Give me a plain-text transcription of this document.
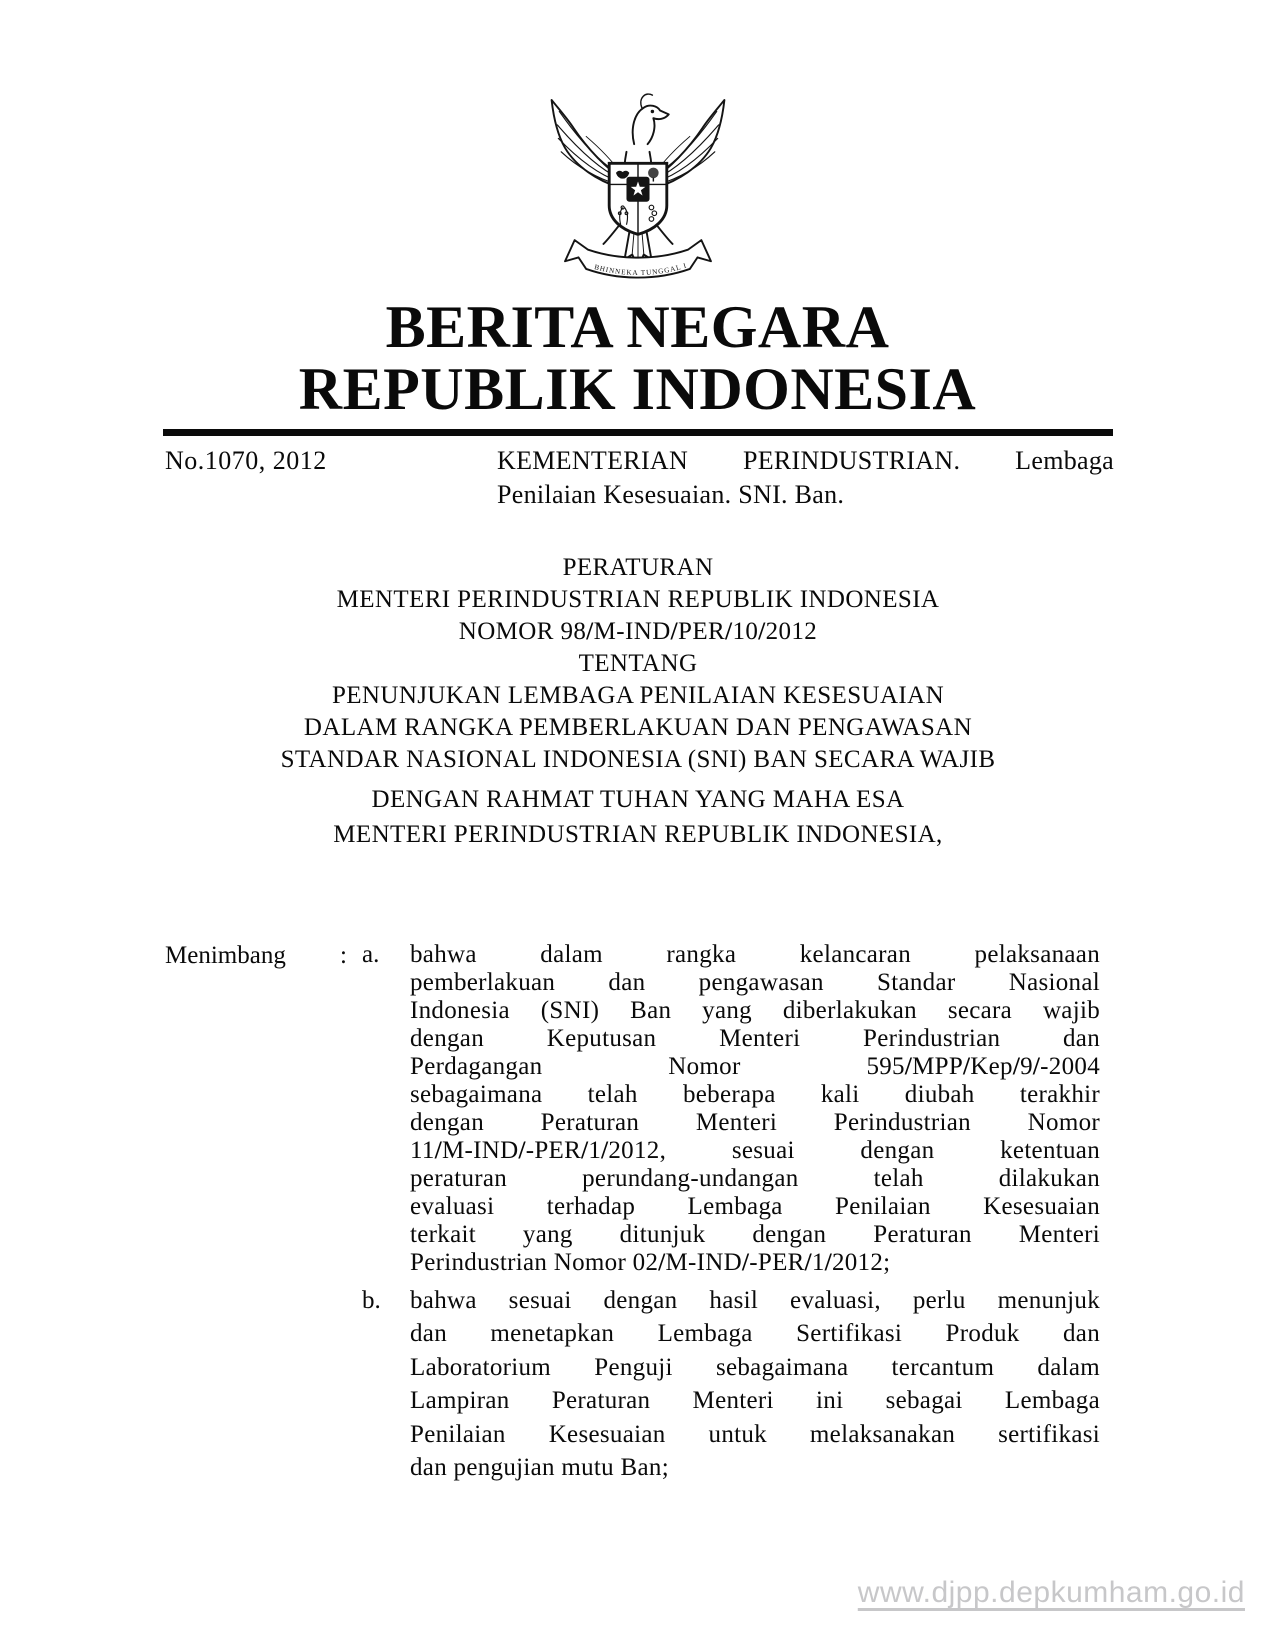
BHINNEKA TUNGGAL I
BERITA NEGARA
REPUBLIK INDONESIA
No.1070, 2012	KEMENTERIAN PERINDUSTRIAN. Lembaga
Penilaian Kesesuaian. SNI. Ban.
PERATURAN
MENTERI PERINDUSTRIAN REPUBLIK INDONESIA
NOMOR 98/M-IND/PER/10/2012
TENTANG
PENUNJUKAN LEMBAGA PENILAIAN KESESUAIAN
DALAM RANGKA PEMBERLAKUAN DAN PENGAWASAN
STANDAR NASIONAL INDONESIA (SNI) BAN SECARA WAJIB
DENGAN RAHMAT TUHAN YANG MAHA ESA
MENTERI PERINDUSTRIAN REPUBLIK INDONESIA,
Menimbang : a.	bahwa dalam rangka kelancaran pelaksanaan
pemberlakuan dan pengawasan Standar Nasional
Indonesia (SNI) Ban yang diberlakukan secara wajib
dengan Keputusan Menteri Perindustrian dan
Perdagangan Nomor 595/MPP/Kep/9/-2004
sebagaimana telah beberapa kali diubah terakhir
dengan Peraturan Menteri Perindustrian Nomor
11/M-IND/-PER/1/2012, sesuai dengan ketentuan
peraturan perundang-undangan telah dilakukan
evaluasi terhadap Lembaga Penilaian Kesesuaian
terkait yang ditunjuk dengan Peraturan Menteri
Perindustrian Nomor 02/M-IND/-PER/1/2012;
b.	bahwa sesuai dengan hasil evaluasi, perlu menunjuk
dan menetapkan Lembaga Sertifikasi Produk dan
Laboratorium Penguji sebagaimana tercantum dalam
Lampiran Peraturan Menteri ini sebagai Lembaga
Penilaian Kesesuaian untuk melaksanakan sertifikasi
dan pengujian mutu Ban;
www.djpp.depkumham.go.id
